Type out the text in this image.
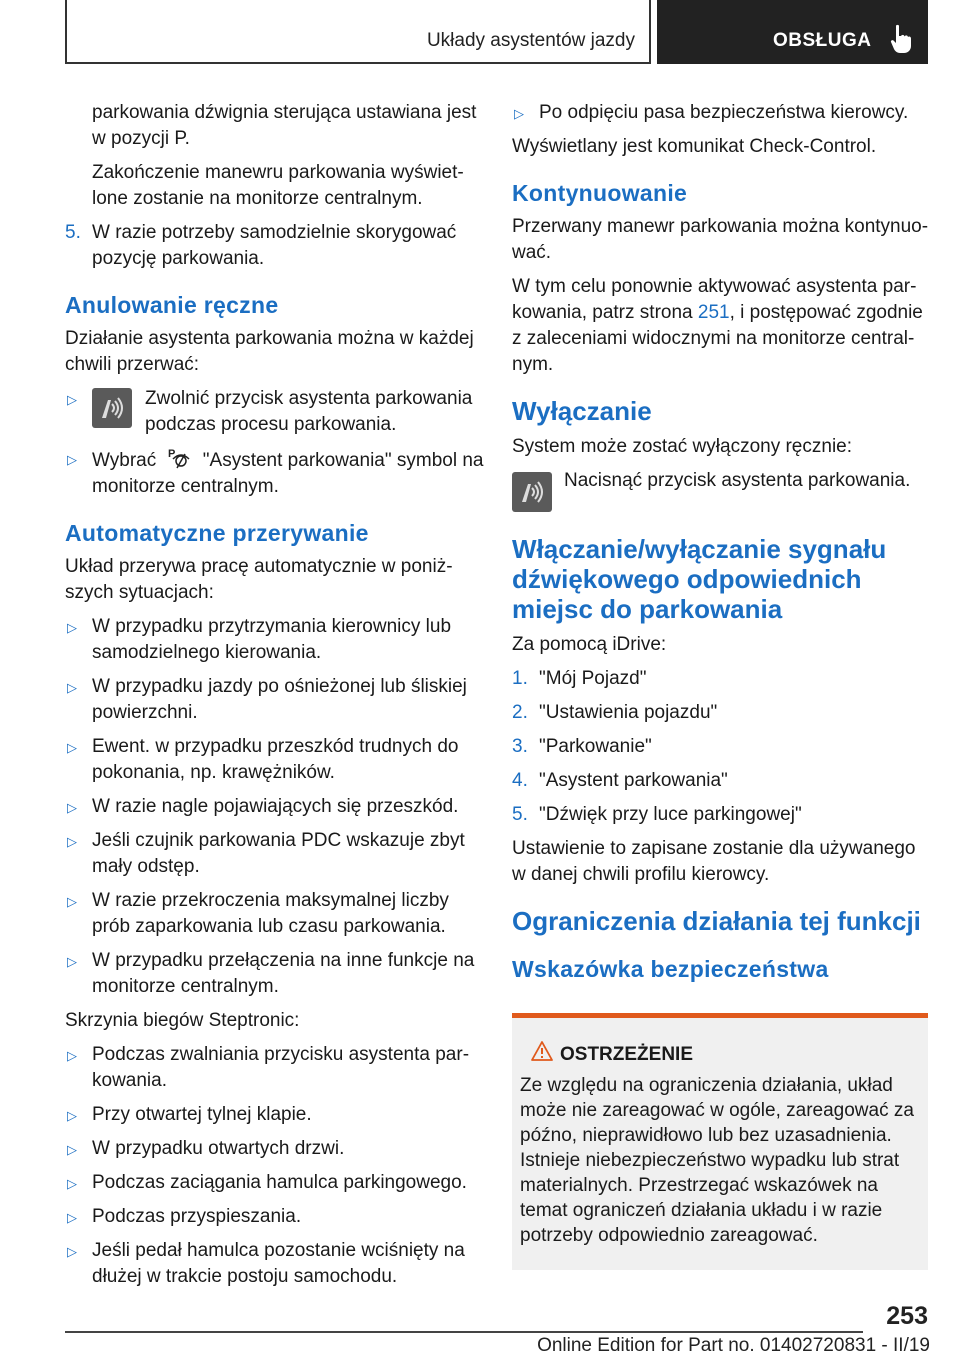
Układy asystentów jazdy	OBSŁUGA

parkowania dźwignia sterująca ustawiana jest w pozycji P.

Zakończenie manewru parkowania wyświetlone zostanie na monitorze centralnym.

5. W razie potrzeby samodzielnie skorygować pozycję parkowania.
Anulowanie ręczne

Działanie asystenta parkowania można w każdej chwili przerwać:

▷	Zwolnić przycisk asystenta parkowania podczas procesu parkowania.
▷ Wybrać P "Asystent parkowania" symbol na monitorze centralnym.
Automatyczne przerywanie

Układ przerywa pracę automatycznie w poniższych sytuacjach:

▷ W przypadku przytrzymania kierownicy lub samodzielnego kierowania.
▷ W przypadku jazdy po ośnieżonej lub śliskiej powierzchni.
▷ Ewent. w przypadku przeszkód trudnych do pokonania, np. krawężników.
▷ W razie nagle pojawiających się przeszkód.
▷ Jeśli czujnik parkowania PDC wskazuje zbyt mały odstęp.
▷ W razie przekroczenia maksymalnej liczby prób zaparkowania lub czasu parkowania.
▷ W przypadku przełączenia na inne funkcje na monitorze centralnym.

Skrzynia biegów Steptronic:

▷ Podczas zwalniania przycisku asystenta parkowania.
▷ Przy otwartej tylnej klapie.
▷ W przypadku otwartych drzwi.
▷ Podczas zaciągania hamulca parkingowego.
▷ Podczas przyspieszania.
▷ Jeśli pedał hamulca pozostanie wciśnięty na dłużej w trakcie postoju samochodu.
▷ Po odpięciu pasa bezpieczeństwa kierowcy.

Wyświetlany jest komunikat Check-Control.

Kontynuowanie

Przerwany manewr parkowania można kontynuować.

W tym celu ponownie aktywować asystenta parkowania, patrz strona 251, i postępować zgodnie z zaleceniami widocznymi na monitorze centralnym.

Wyłączanie

System może zostać wyłączony ręcznie:

Nacisnąć przycisk asystenta parkowania.
Włączanie/wyłączanie sygnału dźwiękowego odpowiednich miejsc do parkowania

Za pomocą iDrive:

1. "Mój Pojazd"
2. "Ustawienia pojazdu"
3. "Parkowanie"
4. "Asystent parkowania"
5. "Dźwięk przy luce parkingowej"

Ustawienie to zapisane zostanie dla używanego w danej chwili profilu kierowcy.

Ograniczenia działania tej funkcji
Wskazówka bezpieczeństwa
OSTRZEŻENIE

Ze względu na ograniczenia działania, układ może nie zareagować w ogóle, zareagować za późno, nieprawidłowo lub bez uzasadnienia. Istnieje niebezpieczeństwo wypadku lub strat materialnych. Przestrzegać wskazówek na temat ograniczeń działania układu i w razie potrzeby odpowiednio zareagować.

253
Online Edition for Part no. 01402720831 - II/19
